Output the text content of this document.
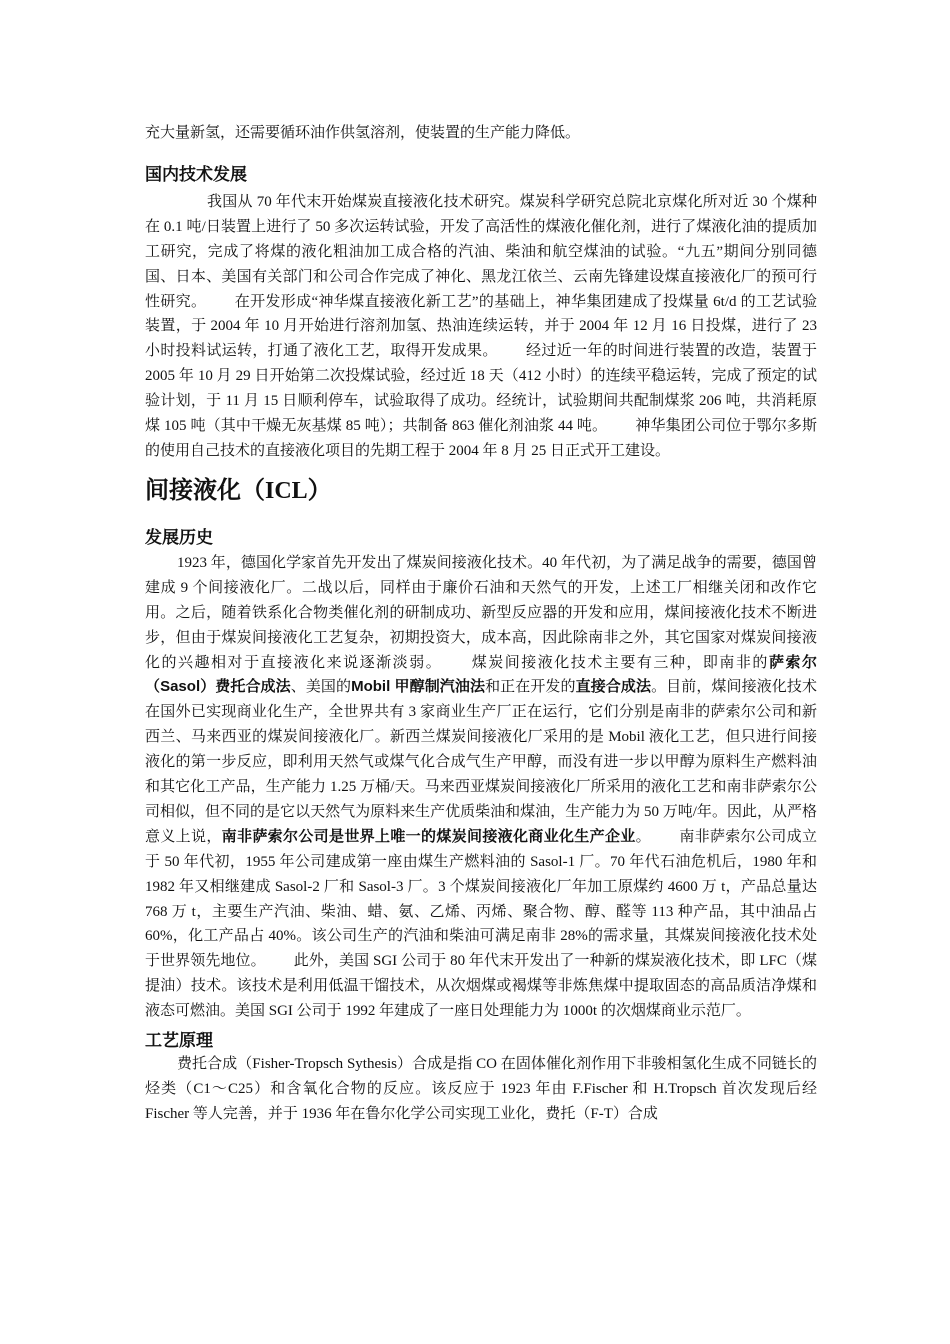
充大量新氢，还需要循环油作供氢溶剂，使装置的生产能力降低。

国内技术发展

我国从 70 年代末开始煤炭直接液化技术研究。煤炭科学研究总院北京煤化所对近 30 个煤种在 0.1 吨/日装置上进行了 50 多次运转试验，开发了高活性的煤液化催化剂，进行了煤液化油的提质加工研究，完成了将煤的液化粗油加工成合格的汽油、柴油和航空煤油的试验。“九五”期间分别同德国、日本、美国有关部门和公司合作完成了神化、黑龙江依兰、云南先锋建设煤直接液化厂的预可行性研究。 在开发形成“神华煤直接液化新工艺”的基础上，神华集团建成了投煤量 6t/d 的工艺试验装置，于 2004 年 10 月开始进行溶剂加氢、热油连续运转，并于 2004 年 12 月 16 日投煤，进行了 23 小时投料试运转，打通了液化工艺，取得开发成果。 经过近一年的时间进行装置的改造，装置于 2005 年 10 月 29 日开始第二次投煤试验，经过近 18 天（412 小时）的连续平稳运转，完成了预定的试验计划，于 11 月 15 日顺利停车，试验取得了成功。经统计，试验期间共配制煤浆 206 吨，共消耗原煤 105 吨（其中干燥无灰基煤 85 吨）；共制备 863 催化剂油浆 44 吨。 神华集团公司位于鄂尔多斯的使用自己技术的直接液化项目的先期工程于 2004 年 8 月 25 日正式开工建设。

间接液化（ICL）
发展历史

1923 年，德国化学家首先开发出了煤炭间接液化技术。40 年代初，为了满足战争的需要，德国曾建成 9 个间接液化厂。二战以后，同样由于廉价石油和天然气的开发，上述工厂相继关闭和改作它用。之后，随着铁系化合物类催化剂的研制成功、新型反应器的开发和应用，煤间接液化技术不断进步，但由于煤炭间接液化工艺复杂，初期投资大，成本高，因此除南非之外，其它国家对煤炭间接液化的兴趣相对于直接液化来说逐渐淡弱。 煤炭间接液化技术主要有三种，即南非的萨索尔（Sasol）费托合成法、美国的Mobil 甲醇制汽油法和正在开发的直接合成法。目前，煤间接液化技术在国外已实现商业化生产，全世界共有 3 家商业生产厂正在运行，它们分别是南非的萨索尔公司和新西兰、马来西亚的煤炭间接液化厂。新西兰煤炭间接液化厂采用的是 Mobil 液化工艺，但只进行间接液化的第一步反应，即利用天然气或煤气化合成气生产甲醇，而没有进一步以甲醇为原料生产燃料油和其它化工产品，生产能力 1.25 万桶/天。马来西亚煤炭间接液化厂所采用的液化工艺和南非萨索尔公司相似，但不同的是它以天然气为原料来生产优质柴油和煤油，生产能力为 50 万吨/年。因此，从严格意义上说，南非萨索尔公司是世界上唯一的煤炭间接液化商业化生产企业。 南非萨索尔公司成立于 50 年代初，1955 年公司建成第一座由煤生产燃料油的 Sasol-1 厂。70 年代石油危机后，1980 年和 1982 年又相继建成 Sasol-2 厂和 Sasol-3 厂。3 个煤炭间接液化厂年加工原煤约 4600 万 t，产品总量达 768 万 t，主要生产汽油、柴油、蜡、氨、乙烯、丙烯、聚合物、醇、醛等 113 种产品，其中油品占 60%，化工产品占 40%。该公司生产的汽油和柴油可满足南非 28%的需求量，其煤炭间接液化技术处于世界领先地位。 此外，美国 SGI 公司于 80 年代末开发出了一种新的煤炭液化技术，即 LFC（煤提油）技术。该技术是利用低温干馏技术，从次烟煤或褐煤等非炼焦煤中提取固态的高品质洁净煤和液态可燃油。美国 SGI 公司于 1992 年建成了一座日处理能力为 1000t 的次烟煤商业示范厂。

工艺原理

费托合成（Fisher-Tropsch Sythesis）合成是指 CO 在固体催化剂作用下非骏相氢化生成不同链长的烃类（C1～C25）和含氧化合物的反应。该反应于 1923 年由 F.Fischer 和 H.Tropsch 首次发现后经 Fischer 等人完善，并于 1936 年在鲁尔化学公司实现工业化，费托（F-T）合成
